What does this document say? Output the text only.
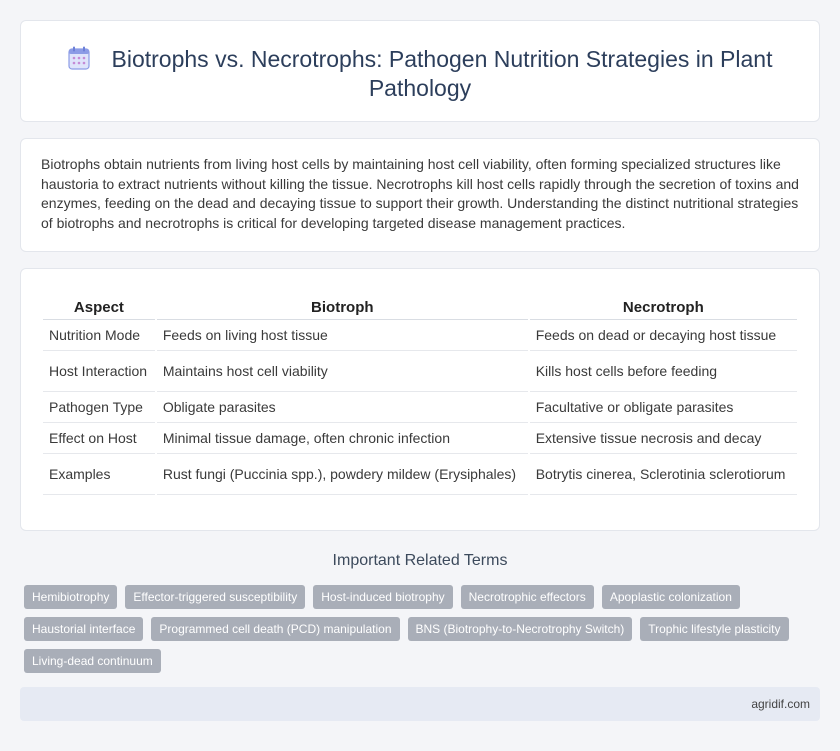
Biotrophs vs. Necrotrophs: Pathogen Nutrition Strategies in Plant Pathology

Biotrophs obtain nutrients from living host cells by maintaining host cell viability, often forming specialized structures like haustoria to extract nutrients without killing the tissue. Necrotrophs kill host cells rapidly through the secretion of toxins and enzymes, feeding on the dead and decaying tissue to support their growth. Understanding the distinct nutritional strategies of biotrophs and necrotrophs is critical for developing targeted disease management practices.

Aspect	Biotroph	Necrotroph
Nutrition Mode	Feeds on living host tissue	Feeds on dead or decaying host tissue
Host Interaction	Maintains host cell viability	Kills host cells before feeding
Pathogen Type	Obligate parasites	Facultative or obligate parasites
Effect on Host	Minimal tissue damage, often chronic infection	Extensive tissue necrosis and decay
Examples	Rust fungi (Puccinia spp.), powdery mildew (Erysiphales)	Botrytis cinerea, Sclerotinia sclerotiorum
Important Related Terms
Hemibiotrophy	Effector-triggered susceptibility	Host-induced biotrophy	Necrotrophic effectors	Apoplastic colonization
Haustorial interface	Programmed cell death (PCD) manipulation	BNS (Biotrophy-to-Necrotrophy Switch)	Trophic lifestyle plasticity
Living-dead continuum
agridif.com
